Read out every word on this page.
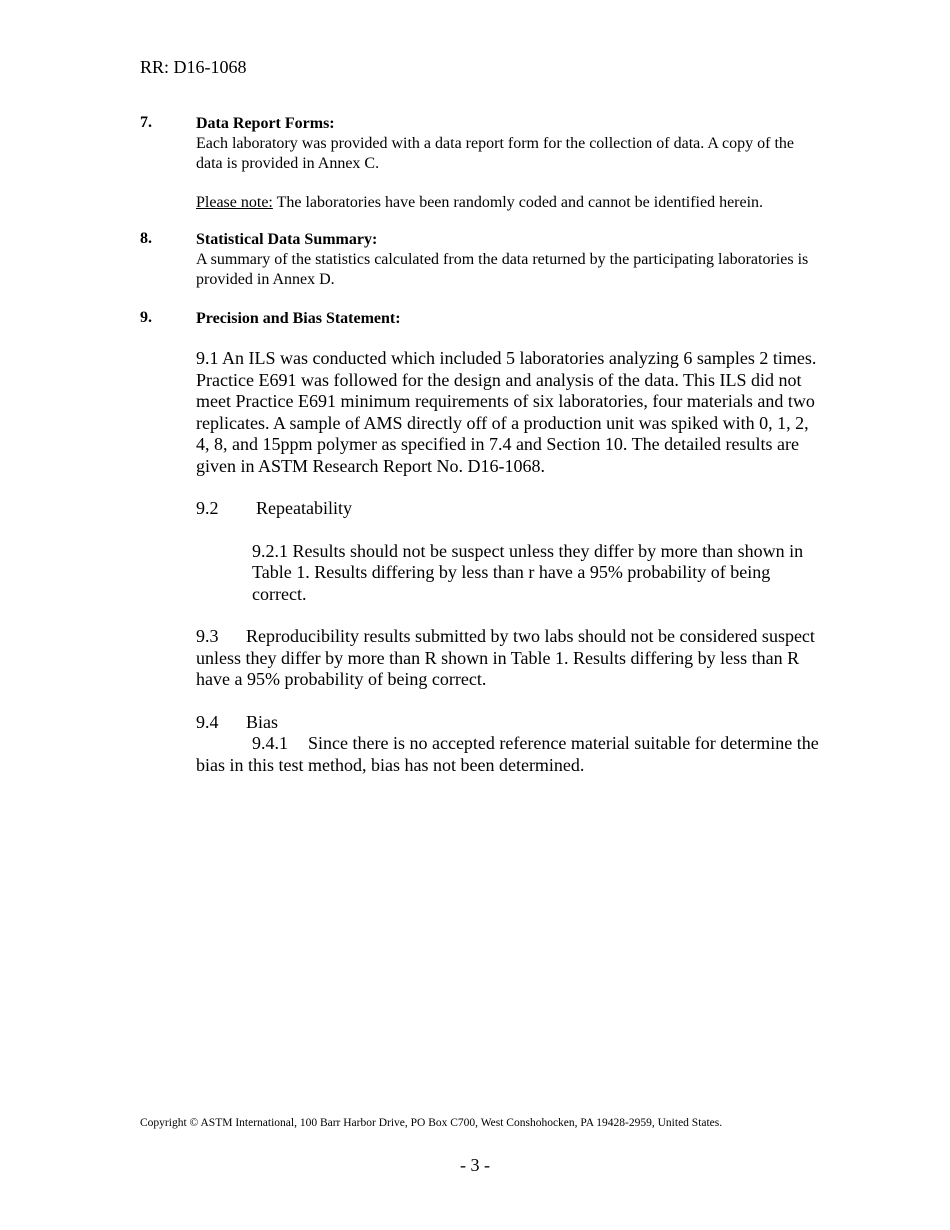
RR: D16-1068
7.	Data Report Forms:

Each laboratory was provided with a data report form for the collection of data. A copy of the data is provided in Annex C.

Please note: The laboratories have been randomly coded and cannot be identified herein.

8.	Statistical Data Summary:

A summary of the statistics calculated from the data returned by the participating laboratories is provided in Annex D.

9.	Precision and Bias Statement:

9.1 An ILS was conducted which included 5 laboratories analyzing 6 samples 2 times. Practice E691 was followed for the design and analysis of the data. This ILS did not meet Practice E691 minimum requirements of six laboratories, four materials and two replicates. A sample of AMS directly off of a production unit was spiked with 0, 1, 2, 4, 8, and 15ppm polymer as specified in 7.4 and Section 10. The detailed results are given in ASTM Research Report No. D16-1068.

9.2 Repeatability

9.2.1 Results should not be suspect unless they differ by more than shown in Table 1. Results differing by less than r have a 95% probability of being correct.

9.3 Reproducibility results submitted by two labs should not be considered suspect unless they differ by more than R shown in Table 1. Results differing by less than R have a 95% probability of being correct.

9.4 Bias

9.4.1 Since there is no accepted reference material suitable for determine the bias in this test method, bias has not been determined.

Copyright © ASTM International, 100 Barr Harbor Drive, PO Box C700, West Conshohocken, PA 19428-2959, United States.
- 3 -
